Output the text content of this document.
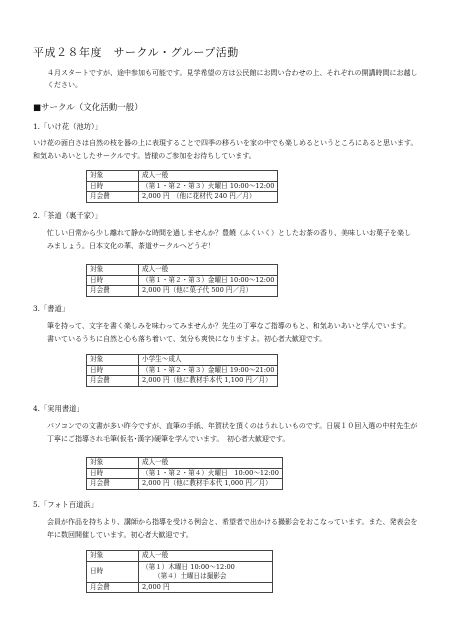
平成２８年度　サークル・グループ活動
４月スタートですが、途中参加も可能です。見学希望の方は公民館にお問い合わせの上、それぞれの開講時間にお越しください。
■サークル（文化活動一般）
1.「いけ花（池坊）」
いけ花の面白さは自然の枝を器の上に表現することで四季の移ろいを家の中でも楽しめるというところにあると思います。和気あいあいとしたサークルです。皆様のご参加をお待ちしています。
対象	成人一般
日時	（第１・第２・第３）火曜日 10:00～12:00
月会費	2,000 円　（他に花材代 240 円／月）
2.「茶道（裏千家）」
忙しい日常から少し離れて静かな時間を過しませんか？豊饒（ふくいく）としたお茶の香り、美味しいお菓子を楽しみましょう。日本文化の華、茶道サークルへどうぞ！
対象	成人一般
日時	（第１・第２・第３）金曜日 10:00～12:00
月会費	2,000 円（他に菓子代 500 円／月）
3.「書道」
筆を持って、文字を書く楽しみを味わってみませんか？先生の丁寧なご指導のもと、和気あいあいと学んでいます。書いているうちに自然と心も落ち着いて、気分も爽快になりますよ。初心者大歓迎です。
対象	小学生～成人
日時	（第１・第２・第３）金曜日 19:00～21:00
月会費	2,000 円（他に教材手本代 1,100 円／月）
4.「実用書道」
パソコンでの文書が多い昨今ですが、直筆の手紙、年賀状を頂くのはうれしいものです。日展１０回入選の中村先生が丁寧にご指導され毛筆(仮名･漢字)硬筆を学んでいます。　初心者大歓迎です。
対象	成人一般
日時	（第１・第２・第４）火曜日　10:00～12:00
月会費	2,000 円（他に教材手本代 1,000 円／月）
5.「フォト百道浜」
会員が作品を持ちより、講師から指導を受ける例会と、希望者で出かける撮影会をおこなっています。また、発表会を年に数回開催しています。初心者大歓迎です。
対象	成人一般
日時	（第１）木曜日 10:00～12:00
（第４）土曜日は撮影会

月会費	2,000 円
